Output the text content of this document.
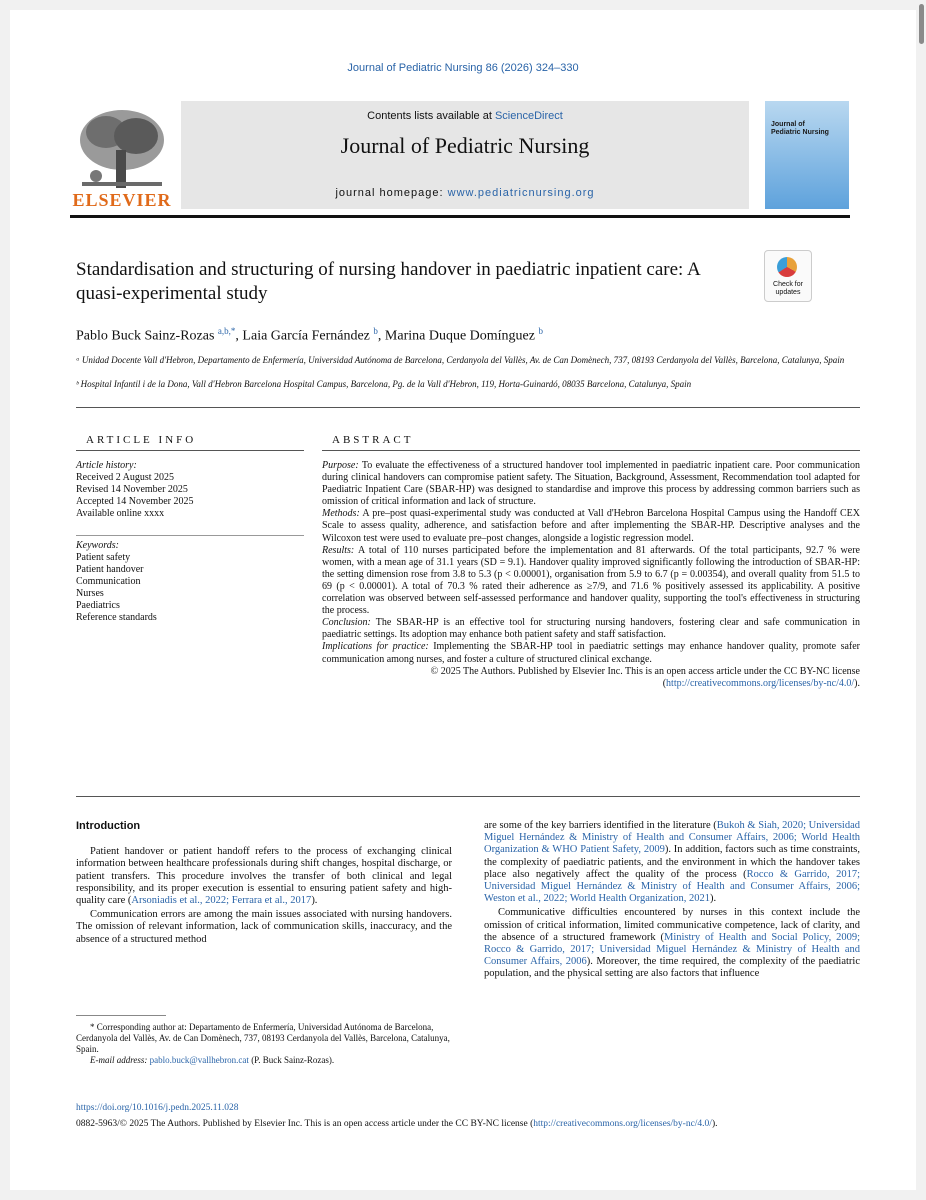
Journal of Pediatric Nursing 86 (2026) 324–330
ELSEVIER
Contents lists available at ScienceDirect
Journal of Pediatric Nursing
journal homepage: www.pediatricnursing.org
Journal of Pediatric Nursing
Standardisation and structuring of nursing handover in paediatric inpatient care: A quasi-experimental study	Check for updates
Pablo Buck Sainz-Rozas $^{a,b,*}$, Laia García Fernández $^b$, Marina Duque Domínguez $^b$
ᵃ Unidad Docente Vall d'Hebron, Departamento de Enfermería, Universidad Autónoma de Barcelona, Cerdanyola del Vallès, Av. de Can Domènech, 737, 08193 Cerdanyola del Vallès, Barcelona, Catalunya, Spain
ᵇ Hospital Infantil i de la Dona, Vall d'Hebron Barcelona Hospital Campus, Barcelona, Pg. de la Vall d'Hebron, 119, Horta-Guinardó, 08035 Barcelona, Catalunya, Spain
ARTICLE INFO	ABSTRACT
Article history:
Received 2 August 2025
Revised 14 November 2025
Accepted 14 November 2025
Available online xxxx
Keywords:
Patient safety
Patient handover
Communication
Nurses
Paediatrics
Reference standards

Purpose: To evaluate the effectiveness of a structured handover tool implemented in paediatric inpatient care. Poor communication during clinical handovers can compromise patient safety. The Situation, Background, Assessment, Recommendation tool adapted for Paediatric Inpatient Care (SBAR-HP) was designed to standardise and improve this process by addressing common barriers such as omission of critical information and lack of structure.

Methods: A pre–post quasi-experimental study was conducted at Vall d'Hebron Barcelona Hospital Campus using the Handoff CEX Scale to assess quality, adherence, and satisfaction before and after implementing the SBAR-HP. Descriptive analyses and the Wilcoxon test were used to evaluate pre–post changes, alongside a logistic regression model.

Results: A total of 110 nurses participated before the implementation and 81 afterwards. Of the total participants, 92.7 % were women, with a mean age of 31.1 years (SD = 9.1). Handover quality improved significantly following the introduction of SBAR-HP: the setting dimension rose from 3.8 to 5.3 (p < 0.00001), organisation from 5.9 to 6.7 (p = 0.00354), and overall quality from 51.5 to 69 (p < 0.00001). A total of 70.3 % rated their adherence as ≥7/9, and 71.6 % positively assessed its applicability. A positive correlation was observed between self-assessed performance and handover quality, supporting the tool's effectiveness in structuring the process.

Conclusion: The SBAR-HP is an effective tool for structuring nursing handovers, fostering clear and safe communication in paediatric settings. Its adoption may enhance both patient safety and staff satisfaction.

Implications for practice: Implementing the SBAR-HP tool in paediatric settings may enhance handover quality, promote safer communication among nurses, and foster a culture of structured clinical exchange.

© 2025 The Authors. Published by Elsevier Inc. This is an open access article under the CC BY-NC license (http://creativecommons.org/licenses/by-nc/4.0/).

Introduction

Patient handover or patient handoff refers to the process of exchanging clinical information between healthcare professionals during shift changes, hospital discharge, or patient transfers. This procedure involves the transfer of both clinical and legal responsibility, and its proper execution is essential to ensuring patient safety and high-quality care (Arsoniadis et al., 2022; Ferrara et al., 2017).

Communication errors are among the main issues associated with nursing handovers. The omission of relevant information, lack of communication skills, inaccuracy, and the absence of a structured method

are some of the key barriers identified in the literature (Bukoh & Siah, 2020; Universidad Miguel Hernández & Ministry of Health and Consumer Affairs, 2006; World Health Organization & WHO Patient Safety, 2009). In addition, factors such as time constraints, the complexity of paediatric patients, and the environment in which the handover takes place also negatively affect the quality of the process (Rocco & Garrido, 2017; Universidad Miguel Hernández & Ministry of Health and Consumer Affairs, 2006; Weston et al., 2022; World Health Organization, 2021).

Communicative difficulties encountered by nurses in this context include the omission of critical information, limited communicative competence, lack of clarity, and the absence of a structured framework (Ministry of Health and Social Policy, 2009; Rocco & Garrido, 2017; Universidad Miguel Hernández & Ministry of Health and Consumer Affairs, 2006). Moreover, the time required, the complexity of the paediatric population, and the physical setting are also factors that influence

* Corresponding author at: Departamento de Enfermería, Universidad Autónoma de Barcelona, Cerdanyola del Vallès, Av. de Can Domènech, 737, 08193 Cerdanyola del Vallès, Barcelona, Catalunya, Spain.
E-mail address: pablo.buck@vallhebron.cat (P. Buck Sainz-Rozas).
https://doi.org/10.1016/j.pedn.2025.11.028
0882-5963/© 2025 The Authors. Published by Elsevier Inc. This is an open access article under the CC BY-NC license (http://creativecommons.org/licenses/by-nc/4.0/).
